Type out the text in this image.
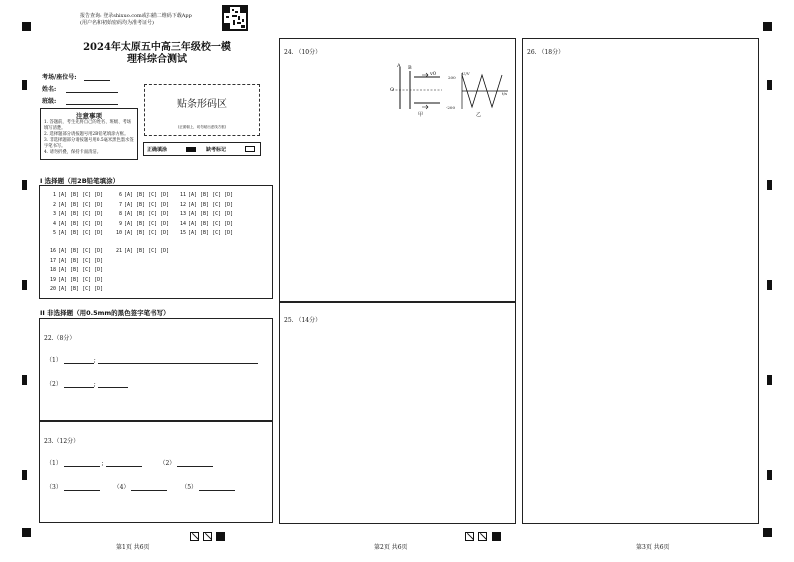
报告查询: 登录shixuo.com或扫描二维码下载App
(用户名和初始密码均为准考证号)
2024年太原五中高三年级校一模
理科综合测试
考场/座位号:
姓名:
班级:	贴条形码区
(正面朝上，切勿贴出虚线方框)
注意事项
1. 答题前，考生先将自己的姓名、班级、考场填写清楚。
2. 选择题部分请按题号用2B铅笔填涂方框。
3. 非选择题部分请按题号用0.5毫米黑色墨水签字笔书写。
4. 请勿折叠，保持卡面清洁。	正确填涂	缺考标记
I 选择题（用2B铅笔填涂）
1 [A] [B] [C] [D]
2 [A] [B] [C] [D]
3 [A] [B] [C] [D]
4 [A] [B] [C] [D]
5 [A] [B] [C] [D]
6 [A] [B] [C] [D]
7 [A] [B] [C] [D]
8 [A] [B] [C] [D]
9 [A] [B] [C] [D]
10 [A] [B] [C] [D]
11 [A] [B] [C] [D]
12 [A] [B] [C] [D]
13 [A] [B] [C] [D]
14 [A] [B] [C] [D]
15 [A] [B] [C] [D]
16 [A] [B] [C] [D]
17 [A] [B] [C] [D]
18 [A] [B] [C] [D]
19 [A] [B] [C] [D]
20 [A] [B] [C] [D]
21 [A] [B] [C] [D]
II 非选择题（用0.5mm的黑色签字笔书写）
22.（8分）
（1）	;
（2）	;
23.（12分）
（1）	;	（2）
（3）	（4）	（5）
24. （10分）
A B
O
v0
甲
U/V
t/s
200
-200
乙
25. （14分）
26. （18分）
第1页 共6页	第2页 共6页	第3页 共6页
